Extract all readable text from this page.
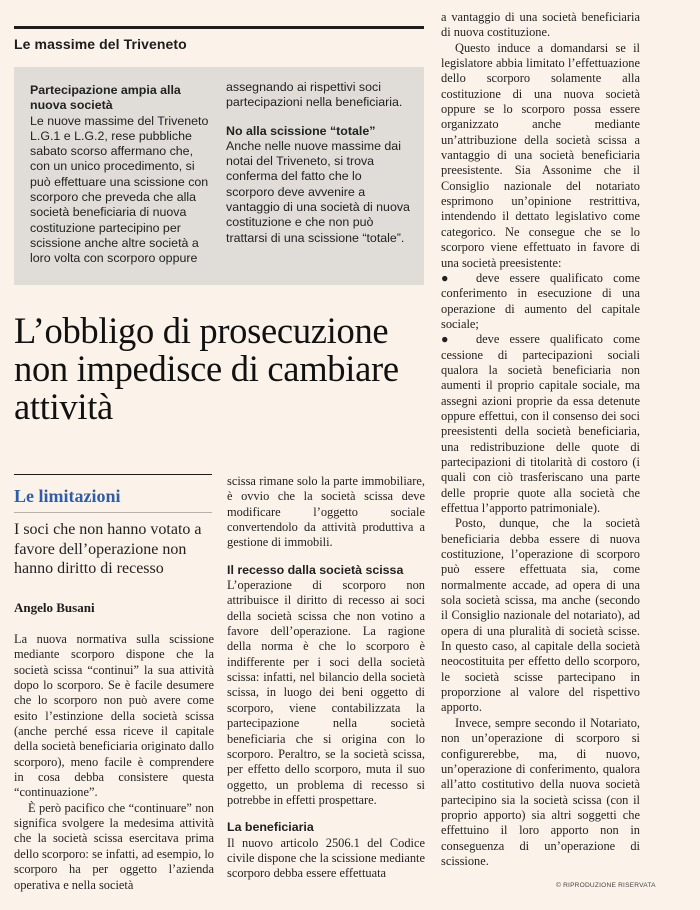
Le massime del Triveneto
Partecipazione ampia alla nuova società

Le nuove massime del Triveneto L.G.1 e L.G.2, rese pubbliche sabato scorso affermano che, con un unico procedimento, si può effettuare una scissione con scorporo che preveda che alla società beneficiaria di nuova costituzione partecipino per scissione anche altre società a loro volta con scorporo oppure

assegnando ai rispettivi soci partecipazioni nella beneficiaria.

No alla scissione “totale”

Anche nelle nuove massime dai notai del Triveneto, si trova conferma del fatto che lo scorporo deve avvenire a vantaggio di una società di nuova costituzione e che non può trattarsi di una scissione “totale”.

L’obbligo di prosecuzione non impedisce di cambiare attività
Le limitazioni
I soci che non hanno votato a favore dell’operazione non hanno diritto di recesso
Angelo Busani

La nuova normativa sulla scissione mediante scorporo dispone che la società scissa “continui” la sua attività dopo lo scorporo. Se è facile desumere che lo scorporo non può avere come esito l’estinzione della società scissa (anche perché essa riceve il capitale della società beneficiaria originato dallo scorporo), meno facile è comprendere in cosa debba consistere questa “continuazione”.

È però pacifico che “continuare” non significa svolgere la medesima attività che la società scissa esercitava prima dello scorporo: se infatti, ad esempio, lo scorporo ha per oggetto l’azienda operativa e nella società

scissa rimane solo la parte immobiliare, è ovvio che la società scissa deve modificare l’oggetto sociale convertendolo da attività produttiva a gestione di immobili.

Il recesso dalla società scissa

L’operazione di scorporo non attribuisce il diritto di recesso ai soci della società scissa che non votino a favore dell’operazione. La ragione della norma è che lo scorporo è indifferente per i soci della società scissa: infatti, nel bilancio della società scissa, in luogo dei beni oggetto di scorporo, viene contabilizzata la partecipazione nella società beneficiaria che si origina con lo scorporo. Peraltro, se la società scissa, per effetto dello scorporo, muta il suo oggetto, un problema di recesso si potrebbe in effetti prospettare.

La beneficiaria

Il nuovo articolo 2506.1 del Codice civile dispone che la scissione mediante scorporo debba essere effettuata

a vantaggio di una società beneficiaria di nuova costituzione.

Questo induce a domandarsi se il legislatore abbia limitato l’effettuazione dello scorporo solamente alla costituzione di una nuova società oppure se lo scorporo possa essere organizzato anche mediante un’attribuzione della società scissa a vantaggio di una società beneficiaria preesistente. Sia Assonime che il Consiglio nazionale del notariato esprimono un’opinione restrittiva, intendendo il dettato legislativo come categorico. Ne consegue che se lo scorporo viene effettuato in favore di una società preesistente:

● deve essere qualificato come conferimento in esecuzione di una operazione di aumento del capitale sociale;

● deve essere qualificato come cessione di partecipazioni sociali qualora la società beneficiaria non aumenti il proprio capitale sociale, ma assegni azioni proprie da essa detenute oppure effettui, con il consenso dei soci preesistenti della società beneficiaria, una redistribuzione delle quote di partecipazioni di titolarità di costoro (i quali con ciò trasferiscano una parte delle proprie quote alla società che effettua l’apporto patrimoniale).

Posto, dunque, che la società beneficiaria debba essere di nuova costituzione, l’operazione di scorporo può essere effettuata sia, come normalmente accade, ad opera di una sola società scissa, ma anche (secondo il Consiglio nazionale del notariato), ad opera di una pluralità di società scisse. In questo caso, al capitale della società neocostituita per effetto dello scorporo, le società scisse partecipano in proporzione al valore del rispettivo apporto.

Invece, sempre secondo il Notariato, non un’operazione di scorporo si configurerebbe, ma, di nuovo, un’operazione di conferimento, qualora all’atto costitutivo della nuova società partecipino sia la società scissa (con il proprio apporto) sia altri soggetti che effettuino il loro apporto non in conseguenza di un’operazione di scissione.

© RIPRODUZIONE RISERVATA
